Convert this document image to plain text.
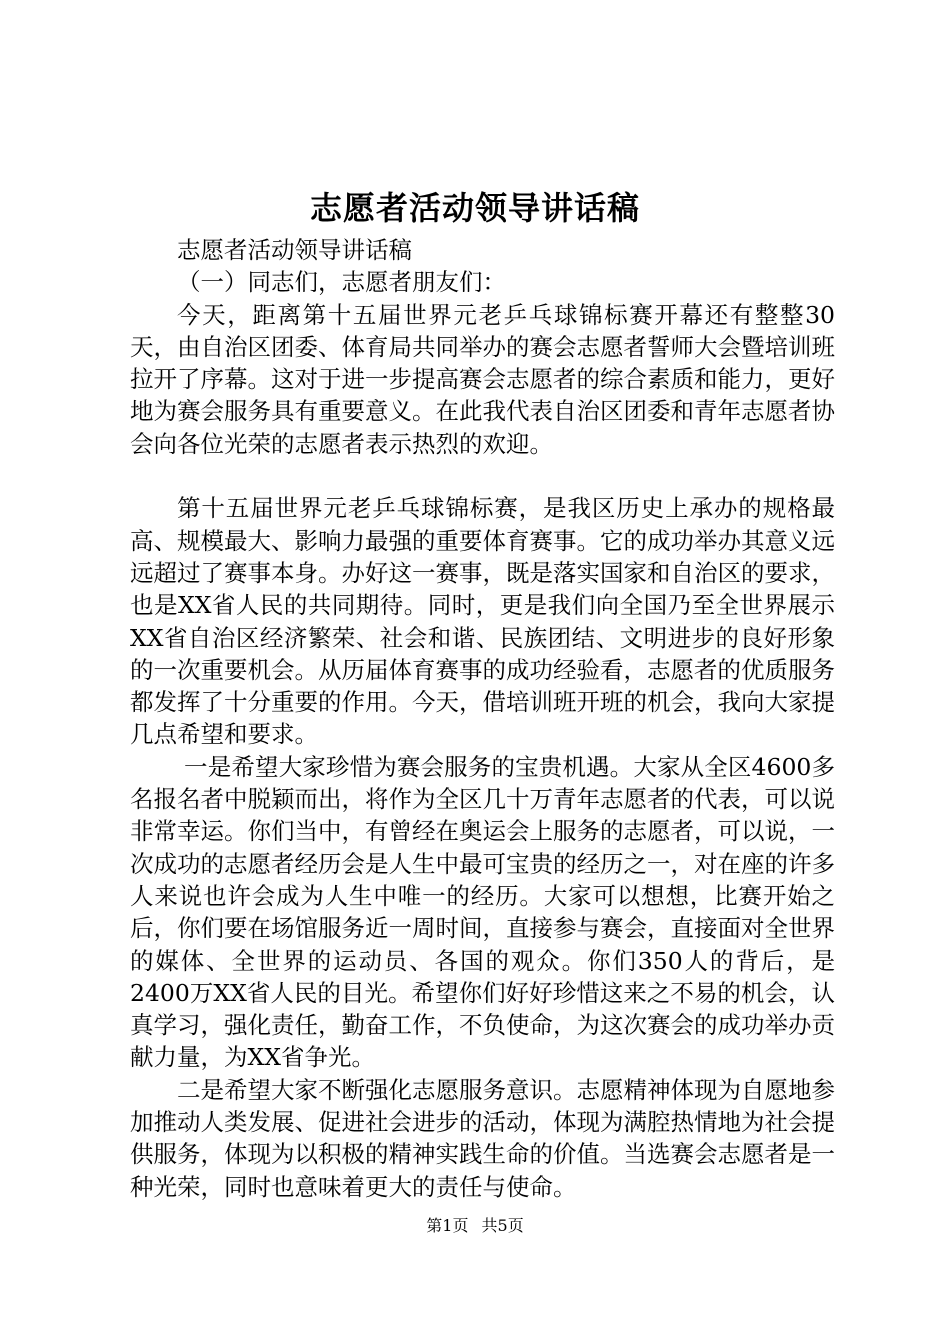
志愿者活动领导讲话稿

志愿者活动领导讲话稿

（一）同志们，志愿者朋友们：

今天，距离第十五届世界元老乒乓球锦标赛开幕还有整整30天，由自治区团委、体育局共同举办的赛会志愿者誓师大会暨培训班拉开了序幕。这对于进一步提高赛会志愿者的综合素质和能力，更好地为赛会服务具有重要意义。在此我代表自治区团委和青年志愿者协会向各位光荣的志愿者表示热烈的欢迎。

第十五届世界元老乒乓球锦标赛，是我区历史上承办的规格最高、规模最大、影响力最强的重要体育赛事。它的成功举办其意义远远超过了赛事本身。办好这一赛事，既是落实国家和自治区的要求，也是XX省人民的共同期待。同时，更是我们向全国乃至全世界展示XX省自治区经济繁荣、社会和谐、民族团结、文明进步的良好形象的一次重要机会。从历届体育赛事的成功经验看，志愿者的优质服务都发挥了十分重要的作用。今天，借培训班开班的机会，我向大家提几点希望和要求。

一是希望大家珍惜为赛会服务的宝贵机遇。大家从全区4600多名报名者中脱颖而出，将作为全区几十万青年志愿者的代表，可以说非常幸运。你们当中，有曾经在奥运会上服务的志愿者，可以说，一次成功的志愿者经历会是人生中最可宝贵的经历之一，对在座的许多人来说也许会成为人生中唯一的经历。大家可以想想，比赛开始之后，你们要在场馆服务近一周时间，直接参与赛会，直接面对全世界的媒体、全世界的运动员、各国的观众。你们350人的背后，是2400万XX省人民的目光。希望你们好好珍惜这来之不易的机会，认真学习，强化责任，勤奋工作，不负使命，为这次赛会的成功举办贡献力量，为XX省争光。

二是希望大家不断强化志愿服务意识。志愿精神体现为自愿地参加推动人类发展、促进社会进步的活动，体现为满腔热情地为社会提供服务，体现为以积极的精神实践生命的价值。当选赛会志愿者是一种光荣，同时也意味着更大的责任与使命。

第1页 共5页
